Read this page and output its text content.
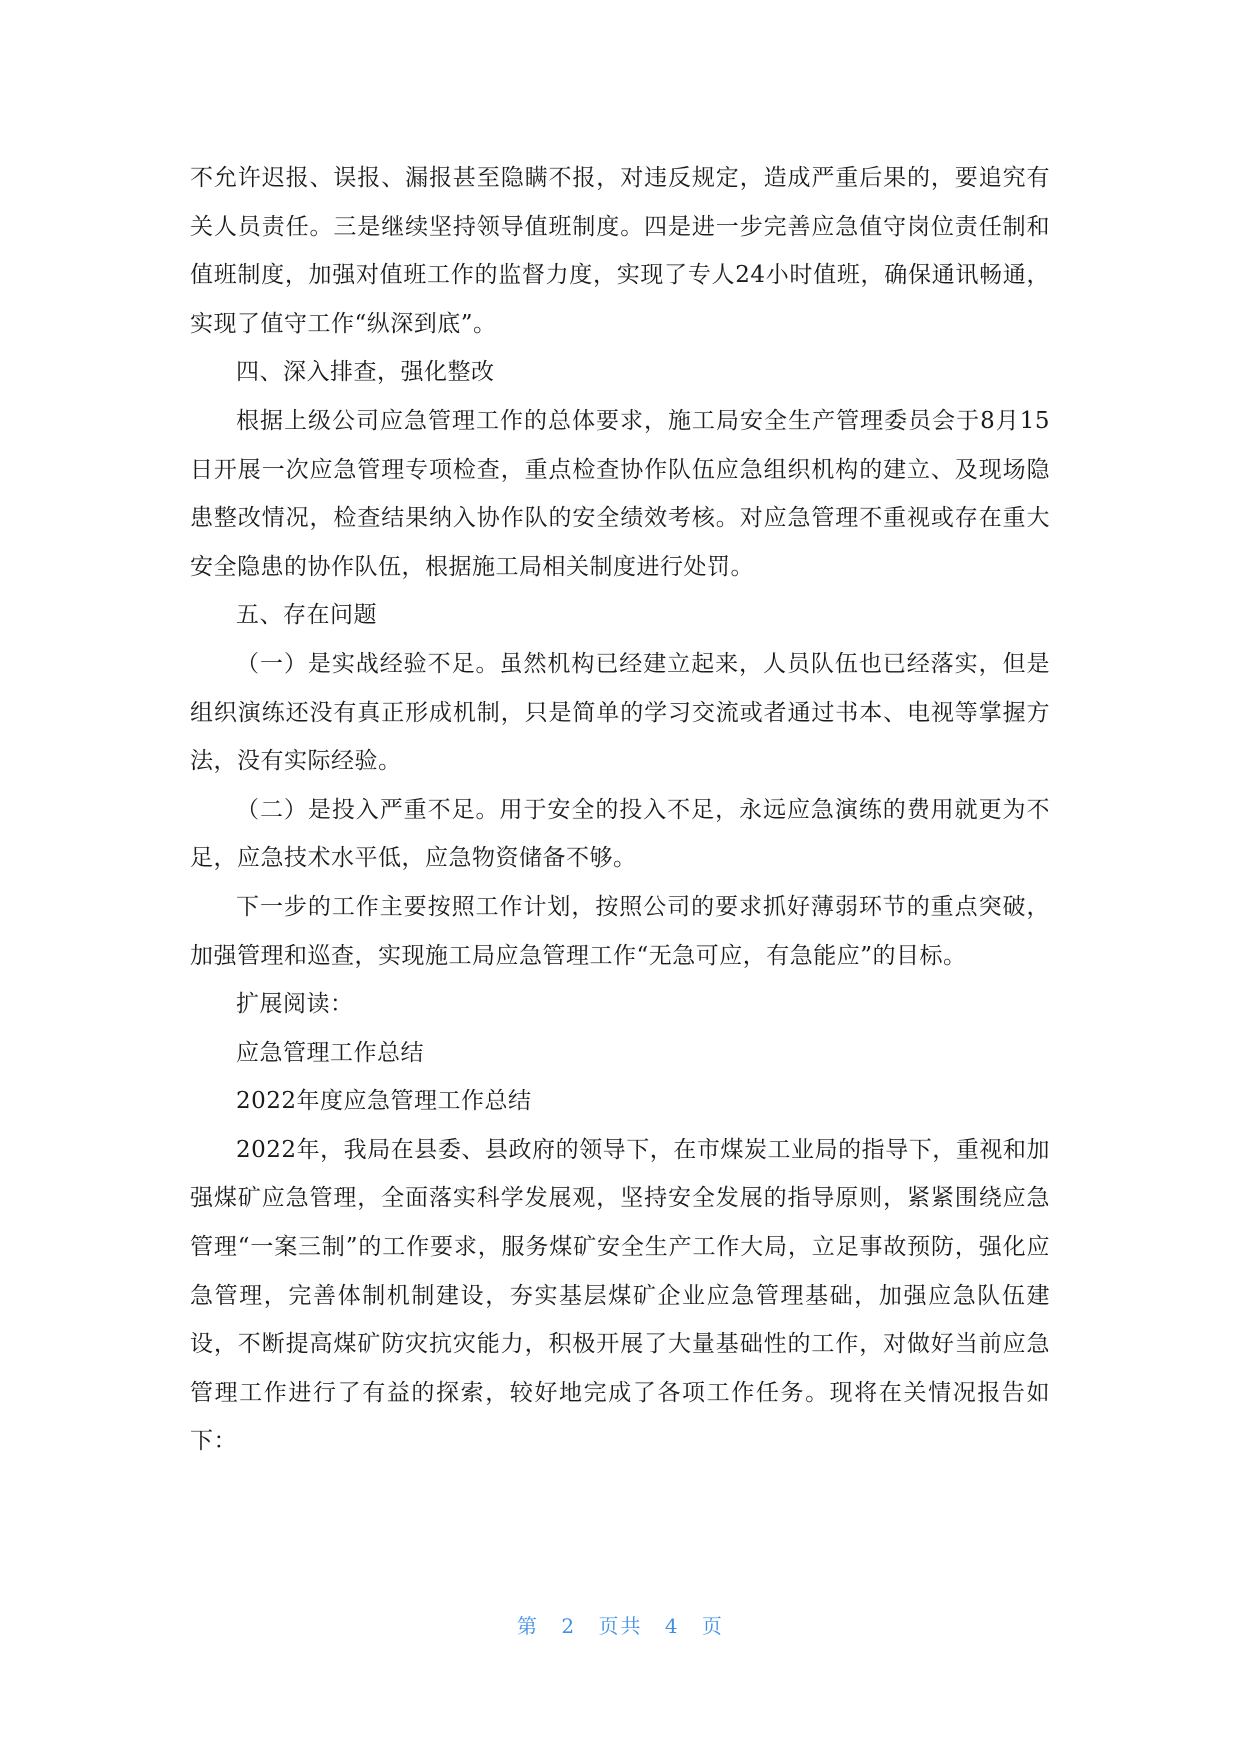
不允许迟报、误报、漏报甚至隐瞒不报，对违反规定，造成严重后果的，要追究有关人员责任。三是继续坚持领导值班制度。四是进一步完善应急值守岗位责任制和值班制度，加强对值班工作的监督力度，实现了专人24小时值班，确保通讯畅通，实现了值守工作“纵深到底”。

四、深入排查，强化整改

根据上级公司应急管理工作的总体要求，施工局安全生产管理委员会于8月15日开展一次应急管理专项检查，重点检查协作队伍应急组织机构的建立、及现场隐患整改情况，检查结果纳入协作队的安全绩效考核。对应急管理不重视或存在重大安全隐患的协作队伍，根据施工局相关制度进行处罚。

五、存在问题

（一）是实战经验不足。虽然机构已经建立起来，人员队伍也已经落实，但是组织演练还没有真正形成机制，只是简单的学习交流或者通过书本、电视等掌握方法，没有实际经验。

（二）是投入严重不足。用于安全的投入不足，永远应急演练的费用就更为不足，应急技术水平低，应急物资储备不够。

下一步的工作主要按照工作计划，按照公司的要求抓好薄弱环节的重点突破，加强管理和巡查，实现施工局应急管理工作“无急可应，有急能应”的目标。

扩展阅读：

应急管理工作总结

2022年度应急管理工作总结

2022年，我局在县委、县政府的领导下，在市煤炭工业局的指导下，重视和加强煤矿应急管理，全面落实科学发展观，坚持安全发展的指导原则，紧紧围绕应急管理“一案三制”的工作要求，服务煤矿安全生产工作大局，立足事故预防，强化应急管理，完善体制机制建设，夯实基层煤矿企业应急管理基础，加强应急队伍建设，不断提高煤矿防灾抗灾能力，积极开展了大量基础性的工作，对做好当前应急管理工作进行了有益的探索，较好地完成了各项工作任务。现将在关情况报告如下：

第 2 页共 4 页
